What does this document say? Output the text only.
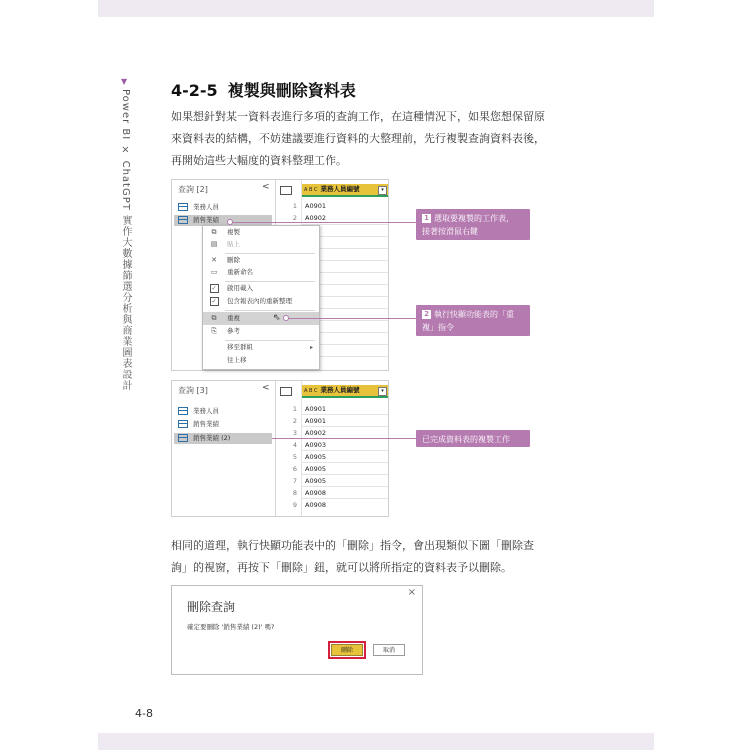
▼
Power BI × ChatGPT 實作大數據篩選分析與商業圖表設計	4-2-5 複製與刪除資料表
如果想針對某一資料表進行多項的查詢工作，在這種情況下，如果您想保留原
來資料表的結構，不妨建議要進行資料的大整理前，先行複製查詢資料表後，
再開始這些大幅度的資料整理工作。
查詢 [2]	<
業務人員
銷售業績
A B C 業務人員編號	▾
1 A0901
2 A0902
⧉	複製
▤ 貼上
✕	刪除
▭ 重新命名
✓	啟用載入
✓	包含報表內的重新整理
⧉	重複	⇖
⎘	參考
移至群組	▸
往上移
1 選取要複製的工作表，
接著按滑鼠右鍵
2 執行快顯功能表的「重
複」指令
查詢 [3]	<
業務人員
銷售業績
銷售業績 (2)
A B C 業務人員編號	▾
1 A0901
2 A0901
3 A0902
4 A0903
5 A0905
6 A0905
7 A0905
8 A0908
9 A0908
已完成資料表的複製工作
相同的道理，執行快顯功能表中的「刪除」指令，會出現類似下圖「刪除查
詢」的視窗，再按下「刪除」鈕，就可以將所指定的資料表予以刪除。
刪除查詢
×
確定要刪除 '銷售業績 (2)' 嗎?
刪除	取消
4-8
